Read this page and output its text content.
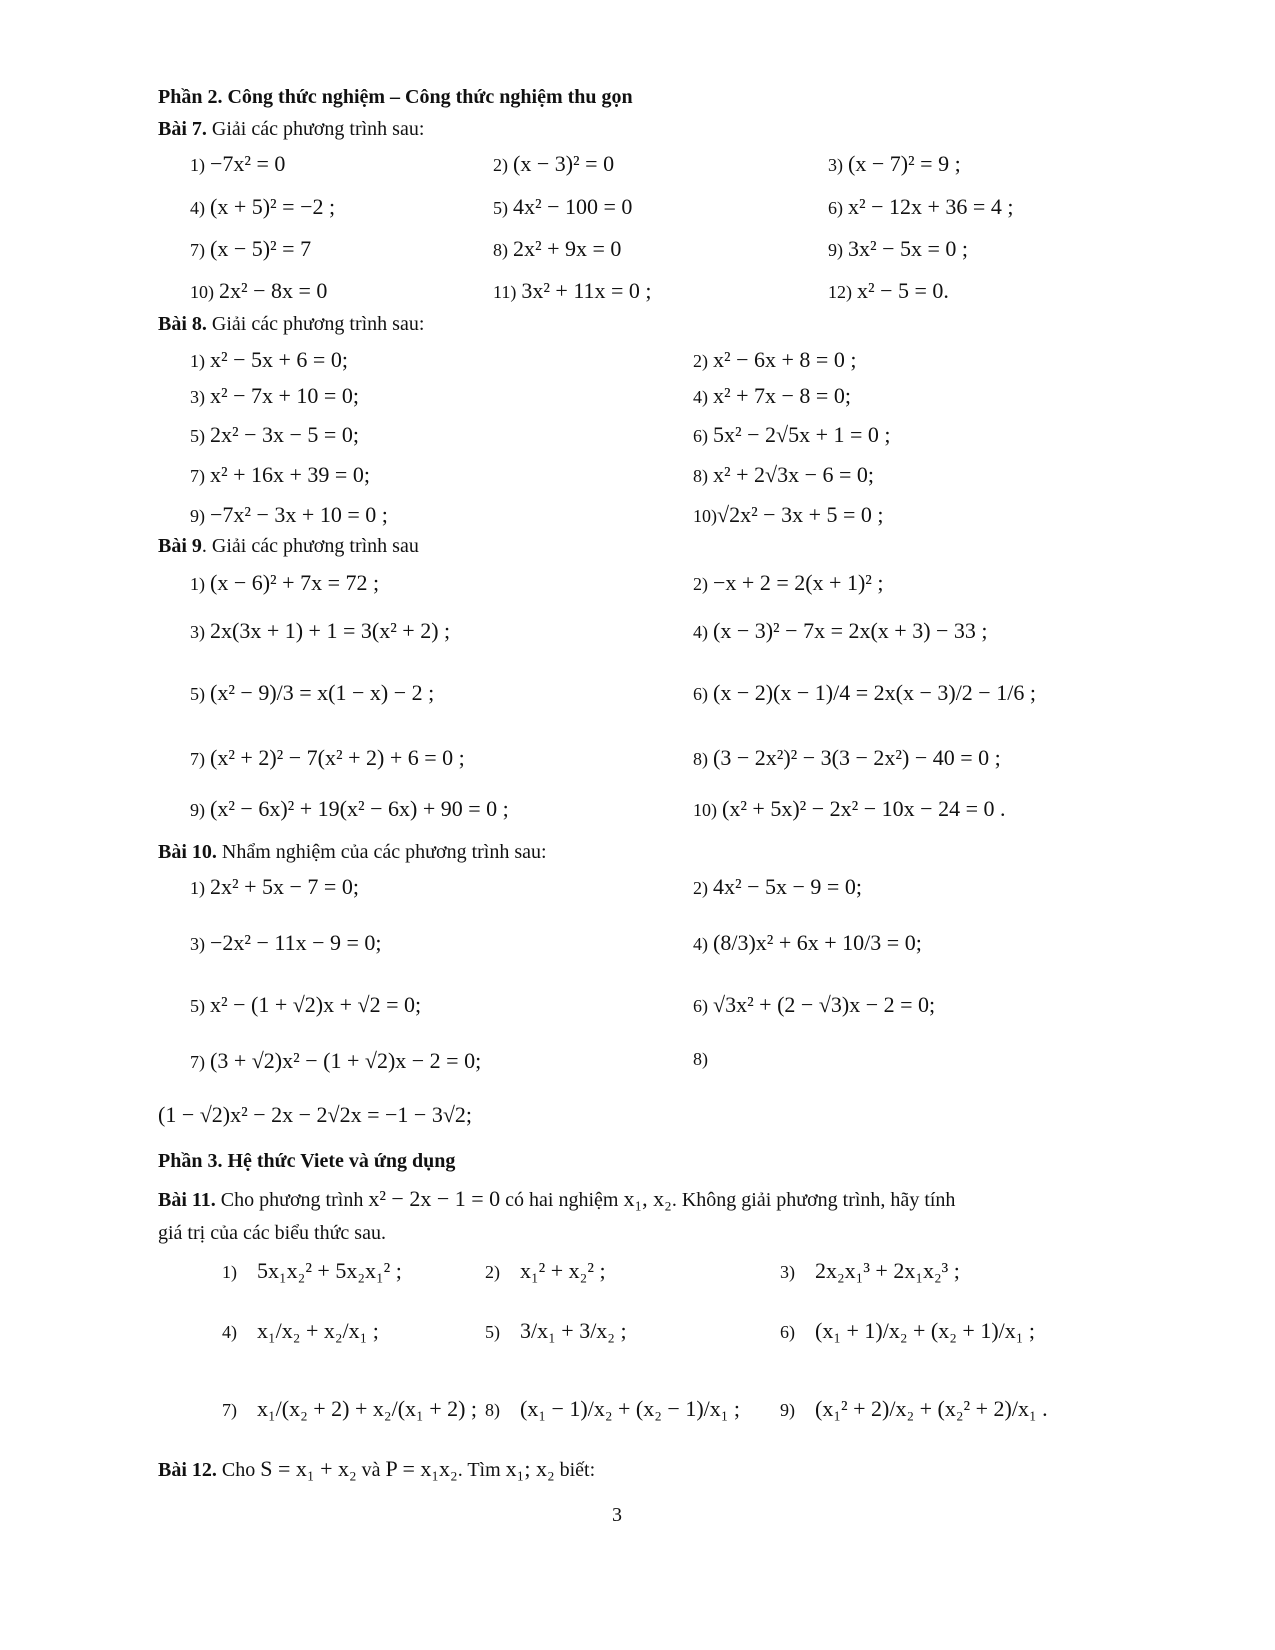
Phần 2. Công thức nghiệm – Công thức nghiệm thu gọn
Bài 7. Giải các phương trình sau:
1) −7x² = 0	2) (x − 3)² = 0	3) (x − 7)² = 9 ;
4) (x + 5)² = −2 ;	5) 4x² − 100 = 0	6) x² − 12x + 36 = 4 ;
7) (x − 5)² = 7	8) 2x² + 9x = 0	9) 3x² − 5x = 0 ;
10) 2x² − 8x = 0	11) 3x² + 11x = 0 ;	12) x² − 5 = 0.
Bài 8. Giải các phương trình sau:
1) x² − 5x + 6 = 0;	2) x² − 6x + 8 = 0 ;
3) x² − 7x + 10 = 0;	4) x² + 7x − 8 = 0;
5) 2x² − 3x − 5 = 0;	6) 5x² − 2√5x + 1 = 0 ;
7) x² + 16x + 39 = 0;	8) x² + 2√3x − 6 = 0;
9) −7x² − 3x + 10 = 0 ;	10)√2x² − 3x + 5 = 0 ;
Bài 9. Giải các phương trình sau
1) (x − 6)² + 7x = 72 ;	2) −x + 2 = 2(x + 1)² ;
3) 2x(3x + 1) + 1 = 3(x² + 2) ;	4) (x − 3)² − 7x = 2x(x + 3) − 33 ;
5) (x² − 9)/3 = x(1 − x) − 2 ;	6) (x − 2)(x − 1)/4 = 2x(x − 3)/2 − 1/6 ;
7) (x² + 2)² − 7(x² + 2) + 6 = 0 ;	8) (3 − 2x²)² − 3(3 − 2x²) − 40 = 0 ;
9) (x² − 6x)² + 19(x² − 6x) + 90 = 0 ;	10) (x² + 5x)² − 2x² − 10x − 24 = 0 .
Bài 10. Nhẩm nghiệm của các phương trình sau:
1) 2x² + 5x − 7 = 0;	2) 4x² − 5x − 9 = 0;
3) −2x² − 11x − 9 = 0;	4) (8/3)x² + 6x + 10/3 = 0;
5) x² − (1 + √2)x + √2 = 0;	6) √3x² + (2 − √3)x − 2 = 0;
7) (3 + √2)x² − (1 + √2)x − 2 = 0;	8)
(1 − √2)x² − 2x − 2√2x = −1 − 3√2;
Phần 3. Hệ thức Viete và ứng dụng
Bài 11. Cho phương trình x² − 2x − 1 = 0 có hai nghiệm x₁, x₂. Không giải phương trình, hãy tính
giá trị của các biểu thức sau.
1) 5x₁x₂² + 5x₂x₁² ;	2) x₁² + x₂² ;	3) 2x₂x₁³ + 2x₁x₂³ ;
4) x₁/x₂ + x₂/x₁ ;	5) 3/x₁ + 3/x₂ ;	6) (x₁ + 1)/x₂ + (x₂ + 1)/x₁ ;
7) x₁/(x₂ + 2) + x₂/(x₁ + 2) ; 8) (x₁ − 1)/x₂ + (x₂ − 1)/x₁ ; 9) (x₁² + 2)/x₂ + (x₂² + 2)/x₁ .
Bài 12. Cho S = x₁ + x₂ và P = x₁x₂. Tìm x₁; x₂ biết:
3
